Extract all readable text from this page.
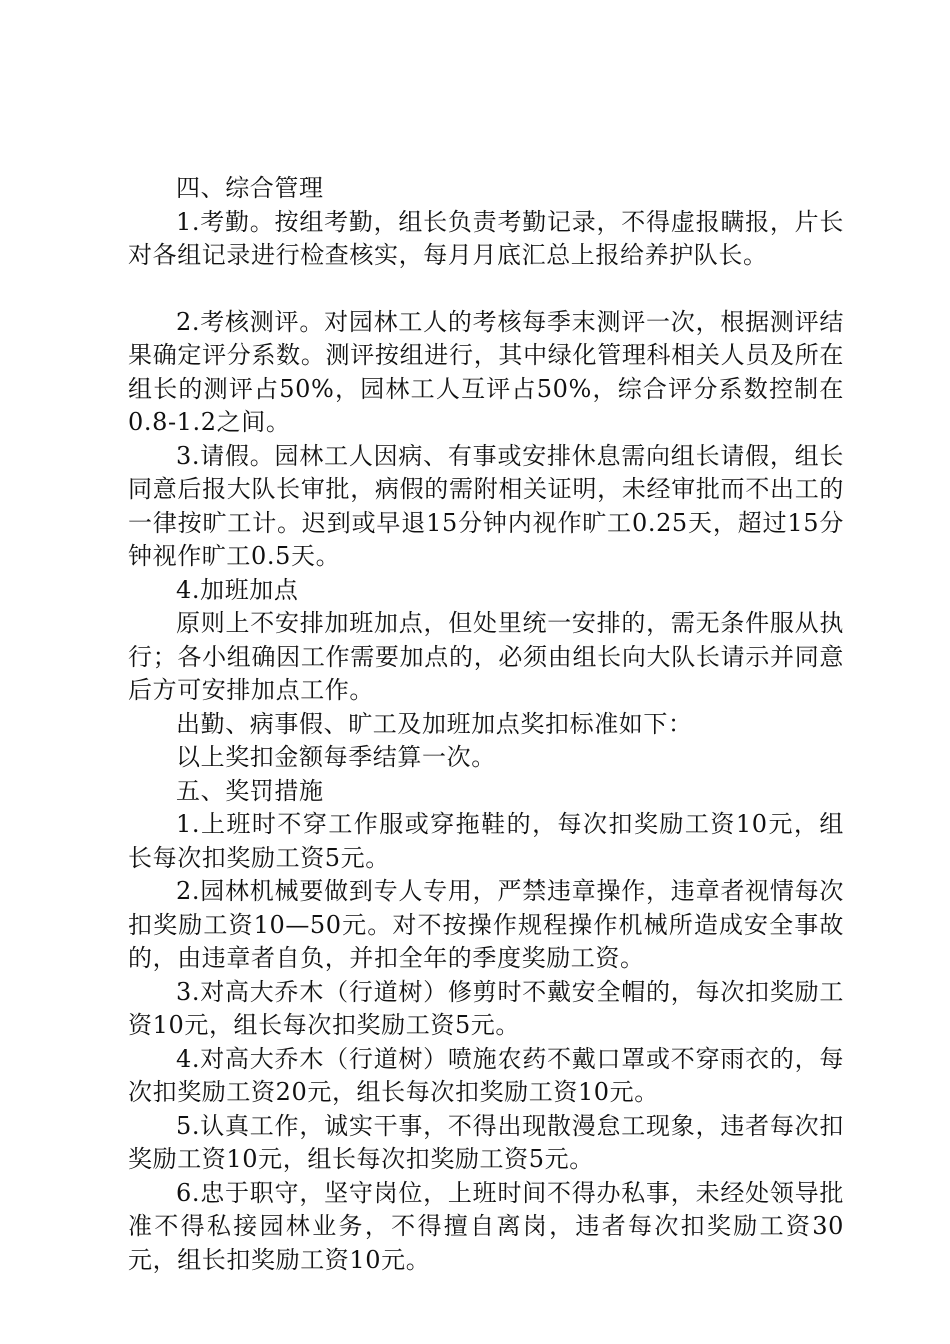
四、综合管理

1.考勤。按组考勤，组长负责考勤记录，不得虚报瞒报，片长对各组记录进行检查核实，每月月底汇总上报给养护队长。

2.考核测评。对园林工人的考核每季末测评一次，根据测评结果确定评分系数。测评按组进行，其中绿化管理科相关人员及所在组长的测评占50%，园林工人互评占50%，综合评分系数控制在0.8-1.2之间。

3.请假。园林工人因病、有事或安排休息需向组长请假，组长同意后报大队长审批，病假的需附相关证明，未经审批而不出工的一律按旷工计。迟到或早退15分钟内视作旷工0.25天，超过15分钟视作旷工0.5天。

4.加班加点

原则上不安排加班加点，但处里统一安排的，需无条件服从执行；各小组确因工作需要加点的，必须由组长向大队长请示并同意后方可安排加点工作。

出勤、病事假、旷工及加班加点奖扣标准如下：

以上奖扣金额每季结算一次。

五、奖罚措施

1.上班时不穿工作服或穿拖鞋的，每次扣奖励工资10元，组长每次扣奖励工资5元。

2.园林机械要做到专人专用，严禁违章操作，违章者视情每次扣奖励工资10—50元。对不按操作规程操作机械所造成安全事故的，由违章者自负，并扣全年的季度奖励工资。

3.对高大乔木（行道树）修剪时不戴安全帽的，每次扣奖励工资10元，组长每次扣奖励工资5元。

4.对高大乔木（行道树）喷施农药不戴口罩或不穿雨衣的，每次扣奖励工资20元，组长每次扣奖励工资10元。

5.认真工作，诚实干事，不得出现散漫怠工现象，违者每次扣奖励工资10元，组长每次扣奖励工资5元。

6.忠于职守，坚守岗位，上班时间不得办私事，未经处领导批准不得私接园林业务，不得擅自离岗，违者每次扣奖励工资30元，组长扣奖励工资10元。
